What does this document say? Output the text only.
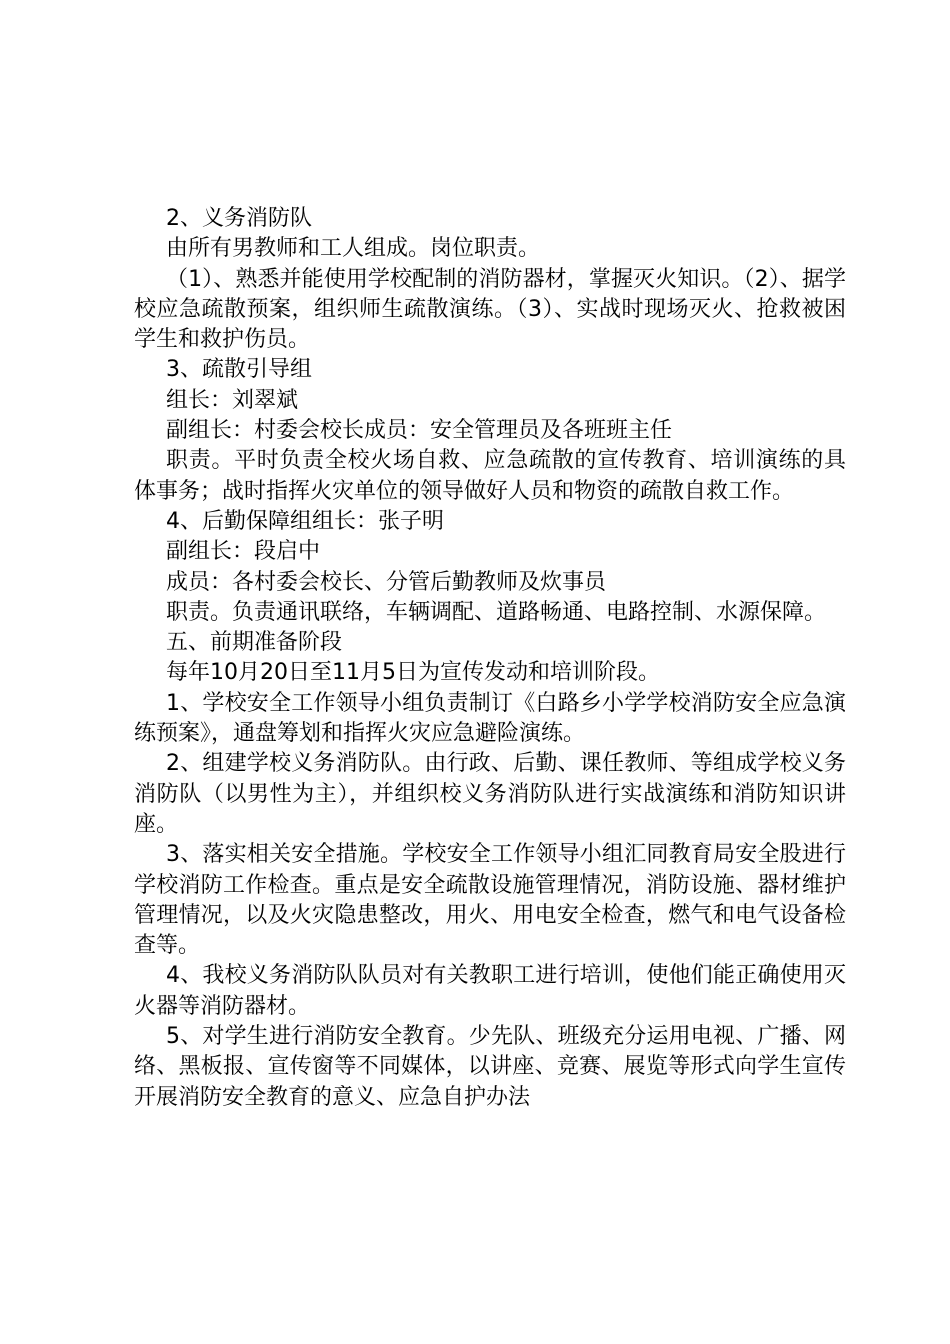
2、义务消防队

由所有男教师和工人组成。岗位职责。

（1）、熟悉并能使用学校配制的消防器材，掌握灭火知识。（2）、据学校应急疏散预案，组织师生疏散演练。（3）、实战时现场灭火、抢救被困学生和救护伤员。

3、疏散引导组

组长：刘翠斌

副组长：村委会校长成员：安全管理员及各班班主任

职责。平时负责全校火场自救、应急疏散的宣传教育、培训演练的具体事务；战时指挥火灾单位的领导做好人员和物资的疏散自救工作。

4、后勤保障组组长：张子明

副组长：段启中

成员：各村委会校长、分管后勤教师及炊事员

职责。负责通讯联络，车辆调配、道路畅通、电路控制、水源保障。

五、前期准备阶段

每年10月20日至11月5日为宣传发动和培训阶段。

1、学校安全工作领导小组负责制订《白路乡小学学校消防安全应急演练预案》，通盘筹划和指挥火灾应急避险演练。

2、组建学校义务消防队。由行政、后勤、课任教师、等组成学校义务消防队（以男性为主），并组织校义务消防队进行实战演练和消防知识讲座。

3、落实相关安全措施。学校安全工作领导小组汇同教育局安全股进行学校消防工作检查。重点是安全疏散设施管理情况，消防设施、器材维护管理情况，以及火灾隐患整改，用火、用电安全检查，燃气和电气设备检查等。

4、我校义务消防队队员对有关教职工进行培训，使他们能正确使用灭火器等消防器材。

5、对学生进行消防安全教育。少先队、班级充分运用电视、广播、网络、黑板报、宣传窗等不同媒体，以讲座、竞赛、展览等形式向学生宣传开展消防安全教育的意义、应急自护办法
